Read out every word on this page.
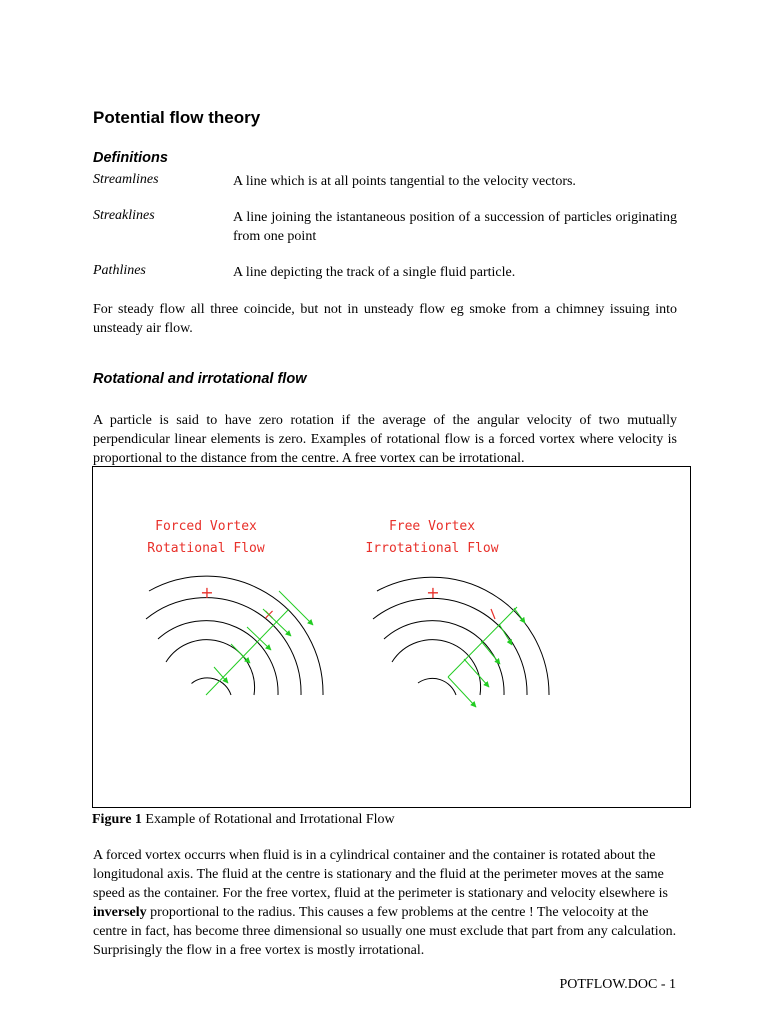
Potential flow theory
Definitions
Streamlines	A line which is at all points tangential to the velocity vectors.
Streaklines	A line joining the istantaneous position of a succession of particles originating from one point
Pathlines	A line depicting the track of a single fluid particle.
For steady flow all three coincide, but not in unsteady flow eg smoke from a chimney issuing into unsteady air flow.
Rotational and irrotational flow
A particle is said to have zero rotation if the average of the angular velocity of two mutually perpendicular linear elements is zero. Examples of rotational flow is a forced vortex where velocity is proportional to the distance from the centre. A free vortex can be irrotational.
Forced Vortex
Rotational Flow
Free Vortex
Irrotational Flow
+
×
+
Figure 1 Example of Rotational and Irrotational Flow
A forced vortex occurrs when fluid is in a cylindrical container and the container is rotated about the longitudonal axis. The fluid at the centre is stationary and the fluid at the perimeter moves at the same speed as the container. For the free vortex, fluid at the perimeter is stationary and velocity elsewhere is inversely proportional to the radius. This causes a few problems at the centre ! The velocoity at the centre in fact, has become three dimensional so usually one must exclude that part from any calculation. Surprisingly the flow in a free vortex is mostly irrotational.
POTFLOW.DOC - 1
